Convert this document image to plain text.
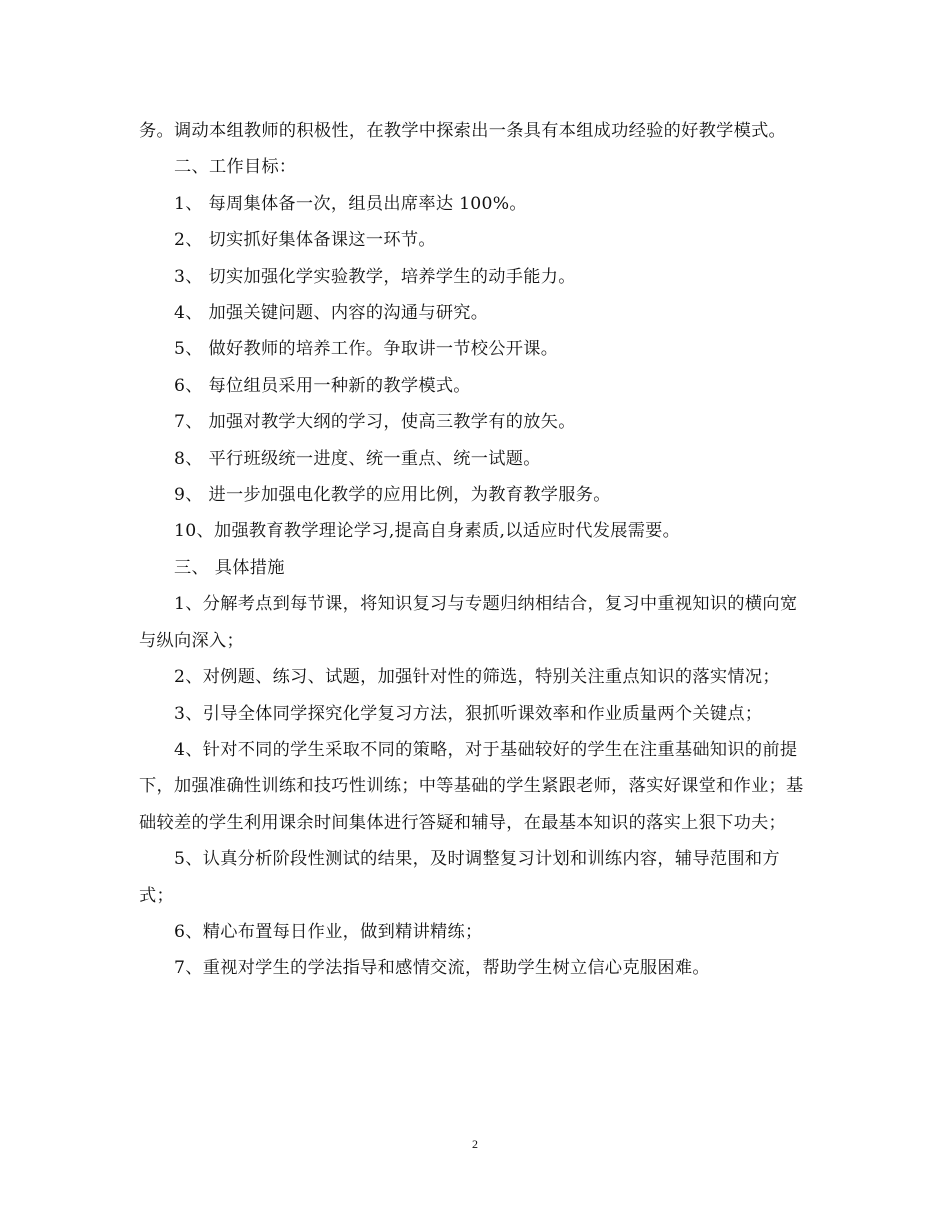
务。调动本组教师的积极性，在教学中探索出一条具有本组成功经验的好教学模式。

二、工作目标：

1、 每周集体备一次，组员出席率达 100%。

2、 切实抓好集体备课这一环节。

3、 切实加强化学实验教学，培养学生的动手能力。

4、 加强关键问题、内容的沟通与研究。

5、 做好教师的培养工作。争取讲一节校公开课。

6、 每位组员采用一种新的教学模式。

7、 加强对教学大纲的学习，使高三教学有的放矢。

8、 平行班级统一进度、统一重点、统一试题。

9、 进一步加强电化教学的应用比例，为教育教学服务。

10、加强教育教学理论学习,提高自身素质,以适应时代发展需要。

三、 具体措施

1、分解考点到每节课，将知识复习与专题归纳相结合，复习中重视知识的横向宽与纵向深入；

2、对例题、练习、试题，加强针对性的筛选，特别关注重点知识的落实情况；

3、引导全体同学探究化学复习方法，狠抓听课效率和作业质量两个关键点；

4、针对不同的学生采取不同的策略，对于基础较好的学生在注重基础知识的前提下，加强准确性训练和技巧性训练；中等基础的学生紧跟老师，落实好课堂和作业；基础较差的学生利用课余时间集体进行答疑和辅导，在最基本知识的落实上狠下功夫；

5、认真分析阶段性测试的结果，及时调整复习计划和训练内容，辅导范围和方式；

6、精心布置每日作业，做到精讲精练；

7、重视对学生的学法指导和感情交流，帮助学生树立信心克服困难。

2
